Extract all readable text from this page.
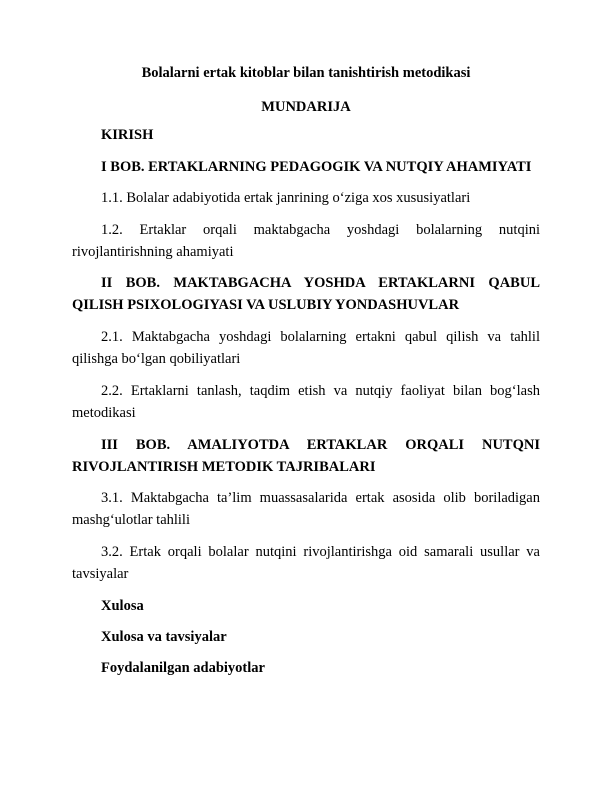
Bolalarni ertak kitoblar bilan tanishtirish metodikasi

MUNDARIJA

KIRISH

I BOB. ERTAKLARNING PEDAGOGIK VA NUTQIY AHAMIYATI

1.1. Bolalar adabiyotida ertak janrining o‘ziga xos xususiyatlari

1.2. Ertaklar orqali maktabgacha yoshdagi bolalarning nutqini rivojlantirishning ahamiyati

II BOB. MAKTABGACHA YOSHDA ERTAKLARNI QABUL QILISH PSIXOLOGIYASI VA USLUBIY YONDASHUVLAR

2.1. Maktabgacha yoshdagi bolalarning ertakni qabul qilish va tahlil qilishga bo‘lgan qobiliyatlari

2.2. Ertaklarni tanlash, taqdim etish va nutqiy faoliyat bilan bog‘lash metodikasi

III BOB. AMALIYOTDA ERTAKLAR ORQALI NUTQNI RIVOJLANTIRISH METODIK TAJRIBALARI

3.1. Maktabgacha ta’lim muassasalarida ertak asosida olib boriladigan mashg‘ulotlar tahlili

3.2. Ertak orqali bolalar nutqini rivojlantirishga oid samarali usullar va tavsiyalar

Xulosa

Xulosa va tavsiyalar

Foydalanilgan adabiyotlar
